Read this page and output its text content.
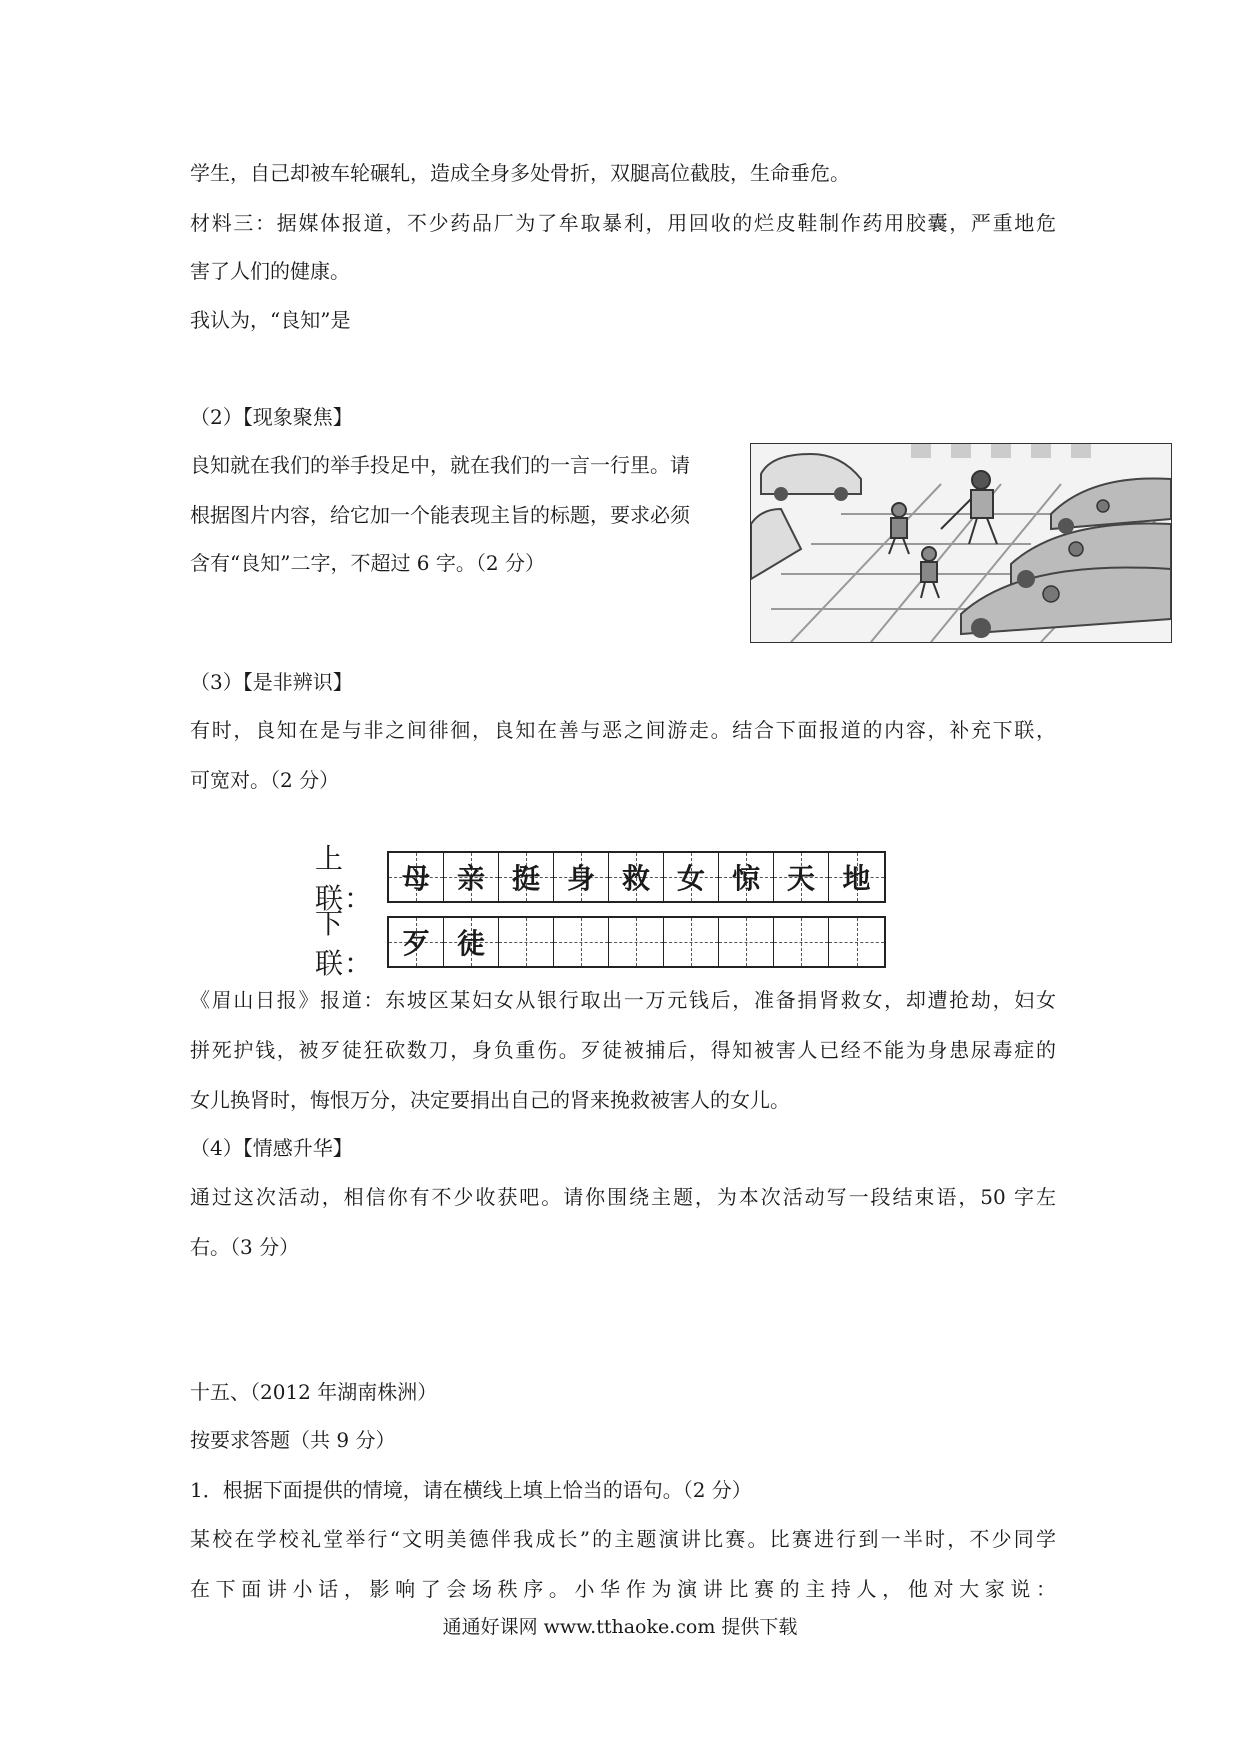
学生，自己却被车轮碾轧，造成全身多处骨折，双腿高位截肢，生命垂危。
材料三：据媒体报道，不少药品厂为了牟取暴利，用回收的烂皮鞋制作药用胶囊，严重地危
害了人们的健康。
我认为，“良知”是
（2）【现象聚焦】
良知就在我们的举手投足中，就在我们的一言一行里。请
根据图片内容，给它加一个能表现主旨的标题，要求必须
含有“良知”二字，不超过 6 字。（2 分）
（3）【是非辨识】
有时，良知在是与非之间徘徊，良知在善与恶之间游走。结合下面报道的内容，补充下联，
可宽对。（2 分）
上联：
母 亲 挺 身 救 女 惊 天 地
下联：
歹 徒
《眉山日报》报道：东坡区某妇女从银行取出一万元钱后，准备捐肾救女，却遭抢劫，妇女
拼死护钱，被歹徒狂砍数刀，身负重伤。歹徒被捕后，得知被害人已经不能为身患尿毒症的
女儿换肾时，悔恨万分，决定要捐出自己的肾来挽救被害人的女儿。
（4）【情感升华】
通过这次活动，相信你有不少收获吧。请你围绕主题，为本次活动写一段结束语，50 字左
右。（3 分）
十五、（2012 年湖南株洲）
按要求答题（共 9 分）
1．根据下面提供的情境，请在横线上填上恰当的语句。（2 分）
某校在学校礼堂举行“文明美德伴我成长”的主题演讲比赛。比赛进行到一半时，不少同学
在下面讲小话，影响了会场秩序。小华作为演讲比赛的主持人，他对大家说：
通通好课网 www.tthaoke.com 提供下载
